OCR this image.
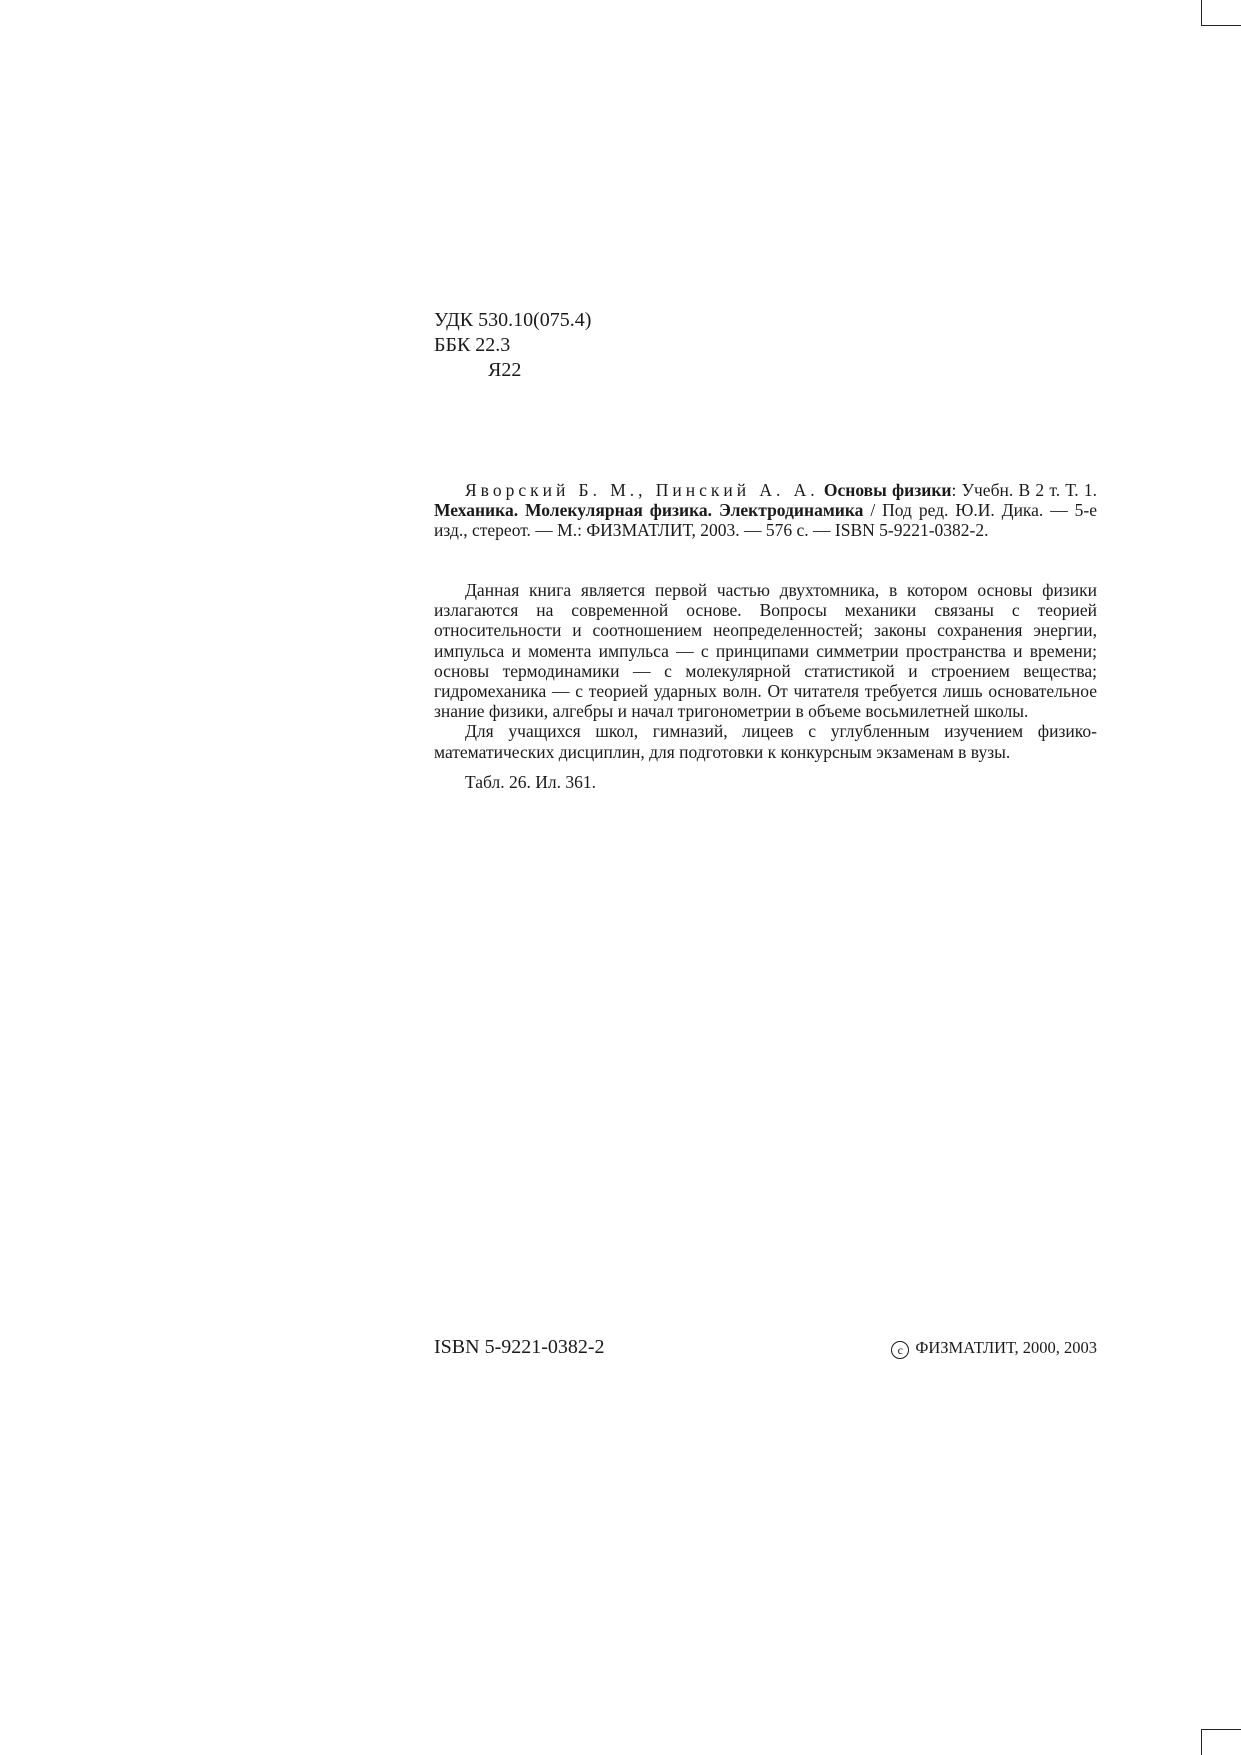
УДК 530.10(075.4)
ББК 22.3
Я22

Яворский Б. М., Пинский А. А. Основы физики: Учебн. В 2 т. Т. 1. Механика. Молекулярная физика. Электродинамика / Под ред. Ю.И. Дика. — 5-е изд., стереот. — М.: ФИЗМАТЛИТ, 2003. — 576 с. — ISBN 5-9221-0382-2.

Данная книга является первой частью двухтомника, в котором основы физики излагаются на современной основе. Вопросы механики связаны с теорией относительности и соотношением неопределенностей; законы сохранения энергии, импульса и момента импульса — с принципами симметрии пространства и времени; основы термодинамики — с молекулярной статистикой и строением вещества; гидромеханика — с теорией ударных волн. От читателя требуется лишь основательное знание физики, алгебры и начал тригонометрии в объеме восьмилетней школы.

Для учащихся школ, гимназий, лицеев с углубленным изучением физико-математических дисциплин, для подготовки к конкурсным экзаменам в вузы.

Табл. 26. Ил. 361.

ISBN 5-9221-0382-2	c ФИЗМАТЛИТ, 2000, 2003
